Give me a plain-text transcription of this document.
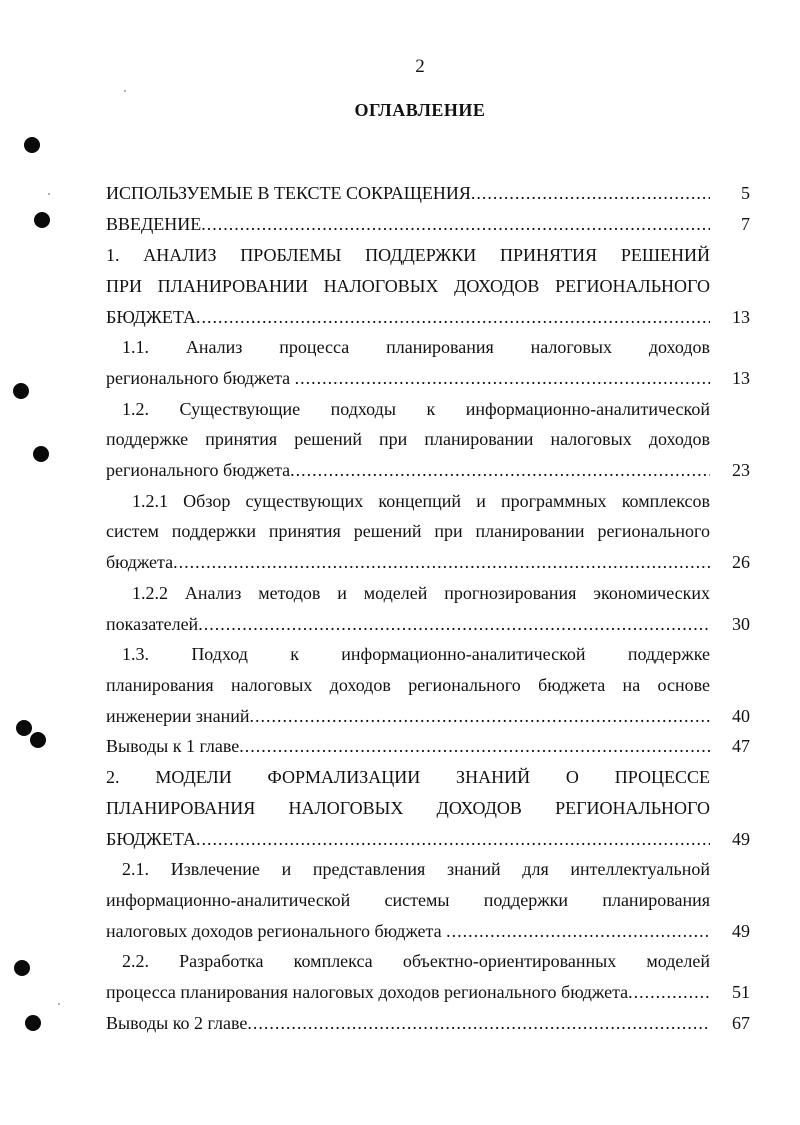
2
ОГЛАВЛЕНИЕ
ИСПОЛЬЗУЕМЫЕ В ТЕКСТЕ СОКРАЩЕНИЯ .....	5
ВВЕДЕНИЕ .....	7
1. АНАЛИЗ ПРОБЛЕМЫ ПОДДЕРЖКИ ПРИНЯТИЯ РЕШЕНИЙ
ПРИ ПЛАНИРОВАНИИ НАЛОГОВЫХ ДОХОДОВ РЕГИОНАЛЬНОГО
БЮДЖЕТА .....	13
1.1. Анализ процесса планирования налоговых доходов
регионального бюджета .....	13
1.2. Существующие подходы к информационно-аналитической
поддержке принятия решений при планировании налоговых доходов
регионального бюджета .....	23
1.2.1 Обзор существующих концепций и программных комплексов
систем поддержки принятия решений при планировании регионального
бюджета .....	26
1.2.2 Анализ методов и моделей прогнозирования экономических
показателей .....	30
1.3. Подход к информационно-аналитической поддержке
планирования налоговых доходов регионального бюджета на основе
инженерии знаний .....	40
Выводы к 1 главе .....	47
2. МОДЕЛИ ФОРМАЛИЗАЦИИ ЗНАНИЙ О ПРОЦЕССЕ
ПЛАНИРОВАНИЯ НАЛОГОВЫХ ДОХОДОВ РЕГИОНАЛЬНОГО
БЮДЖЕТА .....	49
2.1. Извлечение и представления знаний для интеллектуальной
информационно-аналитической системы поддержки планирования
налоговых доходов регионального бюджета .....	49
2.2. Разработка комплекса объектно-ориентированных моделей
процесса планирования налоговых доходов регионального бюджета .....	51
Выводы ко 2 главе .....	67
